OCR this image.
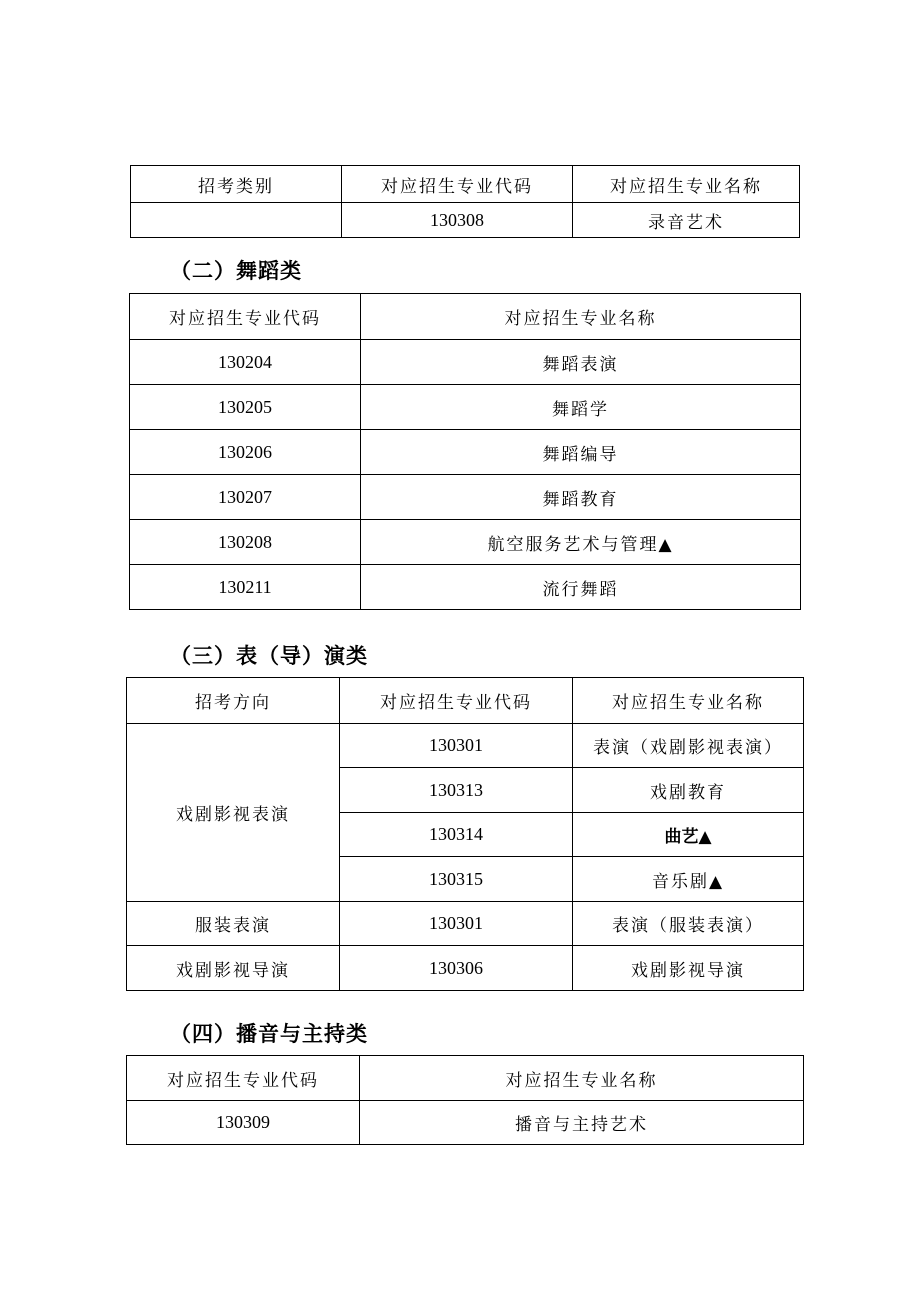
招考类别	对应招生专业代码	对应招生专业名称
	130308	录音艺术
（二）舞蹈类
对应招生专业代码	对应招生专业名称
130204	舞蹈表演
130205	舞蹈学
130206	舞蹈编导
130207	舞蹈教育
130208	航空服务艺术与管理▲
130211	流行舞蹈
（三）表（导）演类
招考方向	对应招生专业代码	对应招生专业名称
戏剧影视表演	130301	表演（戏剧影视表演）
	130313	戏剧教育
	130314	曲艺▲
	130315	音乐剧▲
服装表演	130301	表演（服装表演）
戏剧影视导演	130306	戏剧影视导演
（四）播音与主持类
对应招生专业代码	对应招生专业名称
130309	播音与主持艺术
